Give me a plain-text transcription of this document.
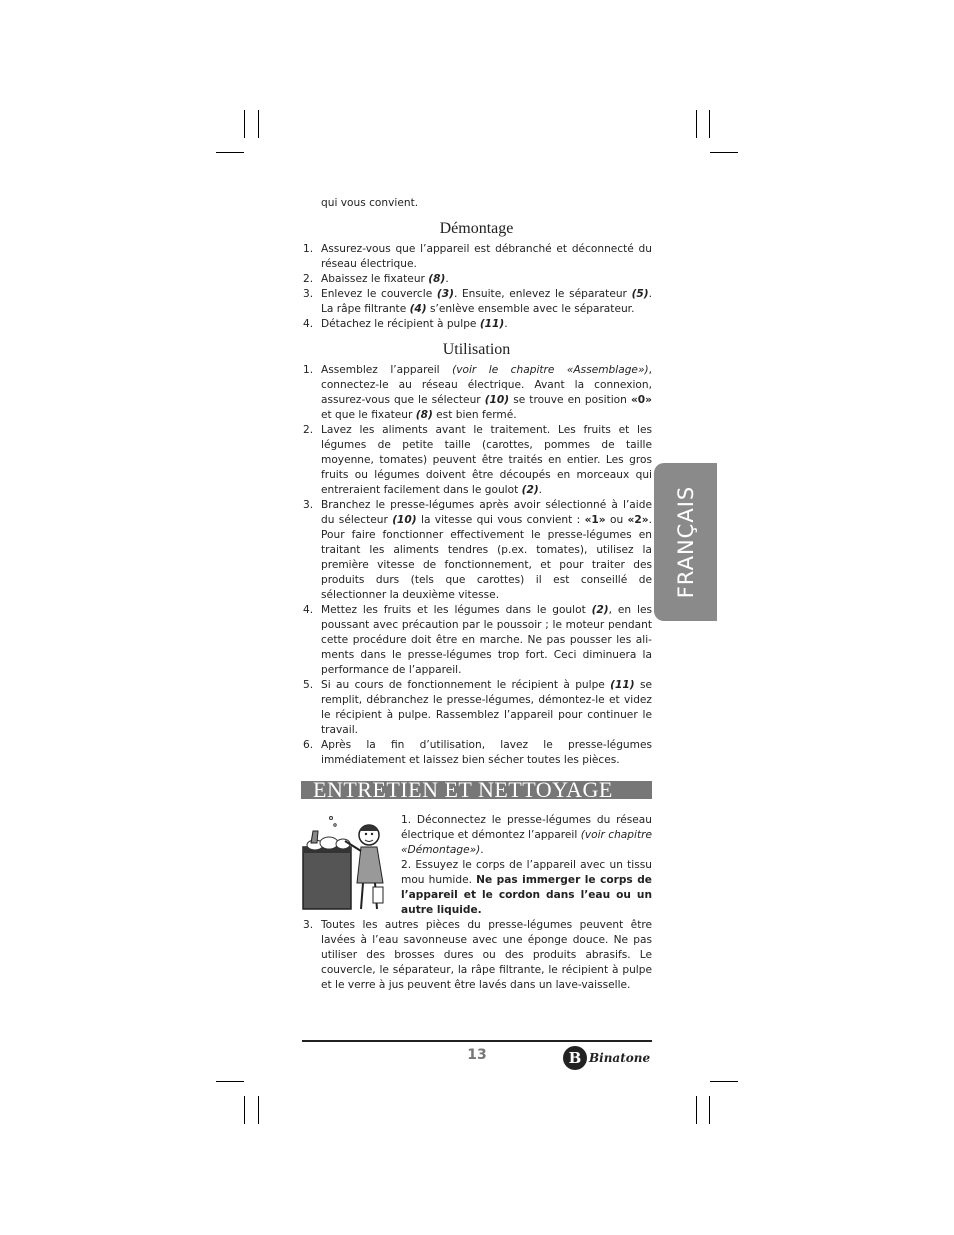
qui vous convient.

Démontage
1. Assurez-vous que l’appareil est débranché et déconnecté du réseau électrique.
2. Abaissez le fixateur (8).
3. Enlevez le couvercle (3). Ensuite, enlevez le séparateur (5). La râpe filtrante (4) s’enlève ensemble avec le séparateur.
4. Détachez le récipient à pulpe (11).
Utilisation
1. Assemblez l’appareil (voir le chapitre «Assemblage»), connectez-le au réseau électrique. Avant la connexion, assurez-vous que le sélecteur (10) se trouve en position «0» et que le fixateur (8) est bien fermé.
2. Lavez les aliments avant le traitement. Les fruits et les légumes de petite taille (carottes, pommes de taille moyenne, tomates) peuvent être traités en entier. Les gros fruits ou légumes doivent être découpés en morceaux qui entreraient facilement dans le goulot (2).
3. Branchez le presse-légumes après avoir sélectionné à l’aide du sélecteur (10) la vitesse qui vous convient : «1» ou «2». Pour faire fonctionner effectivement le presse-légumes en traitant les aliments tendres (p.ex. tomates), utilisez la première vitesse de fonctionnement, et pour traiter des produits durs (tels que carottes) il est conseillé de sélectionner la deuxième vitesse.
4. Mettez les fruits et les légumes dans le goulot (2), en les poussant avec précaution par le poussoir ; le moteur pendant cette procédure doit être en marche. Ne pas pousser les ali-ments dans le presse-légumes trop fort. Ceci diminuera la performance de l’appareil.
5. Si au cours de fonctionnement le récipient à pulpe (11) se remplit, débranchez le presse-légumes, démontez-le et videz le récipient à pulpe. Rassemblez l’appareil pour continuer le travail.
6. Après la fin d’utilisation, lavez le presse-légumes immédiatement et laissez bien sécher toutes les pièces.
ENTRETIEN ET NETTOYAGE

1. Déconnectez le presse-légumes du réseau électrique et démontez l’appareil (voir chapitre «Démontage»).

2. Essuyez le corps de l’appareil avec un tissu mou humide. Ne pas immerger le corps de l’appareil et le cordon dans l’eau ou un autre liquide.

3. Toutes les autres pièces du presse-légumes peuvent être lavées à l’eau savonneuse avec une éponge douce. Ne pas utiliser des brosses dures ou des produits abrasifs. Le couvercle, le séparateur, la râpe filtrante, le récipient à pulpe et le verre à jus peuvent être lavés dans un lave-vaisselle.
FRANÇAIS
13	B Binatone
